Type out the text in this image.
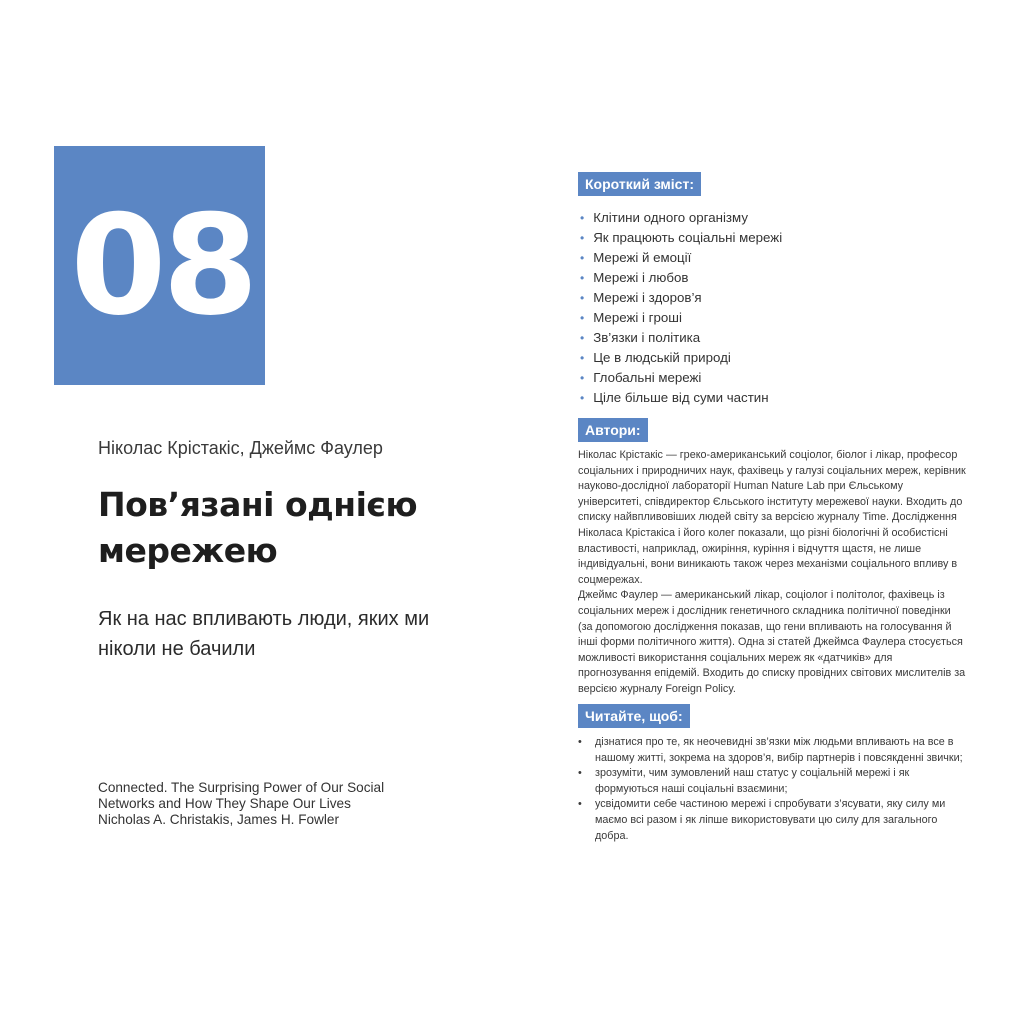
08
Ніколас Крістакіс, Джеймс Фаулер
Пов’язані однією мережею
Як на нас впливають люди, яких ми ніколи не бачили
Connected. The Surprising Power of Our Social
Networks and How They Shape Our Lives
Nicholas A. Christakis, James H. Fowler
Короткий зміст:
• Клітини одного організму
• Як працюють соціальні мережі
• Мережі й емоції
• Мережі і любов
• Мережі і здоров’я
• Мережі і гроші
• Зв’язки і політика
• Це в людській природі
• Глобальні мережі
• Ціле більше від суми частин
Автори:

Ніколас Крістакіс — греко-американський соціолог, біолог і лікар, професор соціальних і природничих наук, фахівець у галузі соціальних мереж, керівник науково-дослідної лабораторії Human Nature Lab при Єльському університеті, співдиректор Єльського інституту мережевої науки. Входить до списку найвпливовіших людей світу за версією журналу Time. Дослідження Ніколаса Крістакіса і його колег показали, що різні біологічні й особистісні властивості, наприклад, ожиріння, куріння і відчуття щастя, не лише індивідуальні, вони виникають також через механізми соціального впливу в соцмережах.

Джеймс Фаулер — американський лікар, соціолог і політолог, фахівець із соціальних мереж і дослідник генетичного складника політичної поведінки (за допомогою дослідження показав, що гени впливають на голосування й інші форми політичного життя). Одна зі статей Джеймса Фаулера стосується можливості використання соціальних мереж як «датчиків» для прогнозування епідемій. Входить до списку провідних світових мислителів за версією журналу Foreign Policy.

Читайте, щоб:
• дізнатися про те, як неочевидні зв’язки між людьми впливають на все в нашому житті, зокрема на здоров’я, вибір партнерів і повсякденні звички;
• зрозуміти, чим зумовлений наш статус у соціальній мережі і як формуються наші соціальні взаємини;
• усвідомити себе частиною мережі і спробувати з’ясувати, яку силу ми маємо всі разом і як ліпше використовувати цю силу для загального добра.
